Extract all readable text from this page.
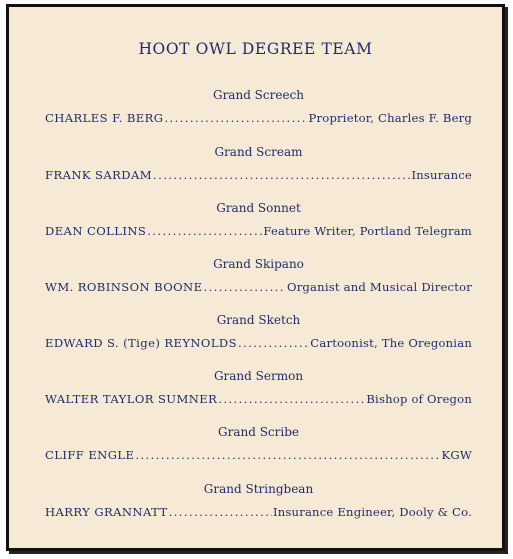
HOOT OWL DEGREE TEAM
Grand Screech
CHARLES F. BERG .....	Proprietor, Charles F. Berg
Grand Scream
FRANK SARDAM .....	Insurance
Grand Sonnet
DEAN COLLINS .....	Feature Writer, Portland Telegram
Grand Skipano
WM. ROBINSON BOONE .....	Organist and Musical Director
Grand Sketch
EDWARD S. (Tige) REYNOLDS .....	Cartoonist, The Oregonian
Grand Sermon
WALTER TAYLOR SUMNER .....	Bishop of Oregon
Grand Scribe
CLIFF ENGLE .....	KGW
Grand Stringbean
HARRY GRANNATT .....	Insurance Engineer, Dooly & Co.
